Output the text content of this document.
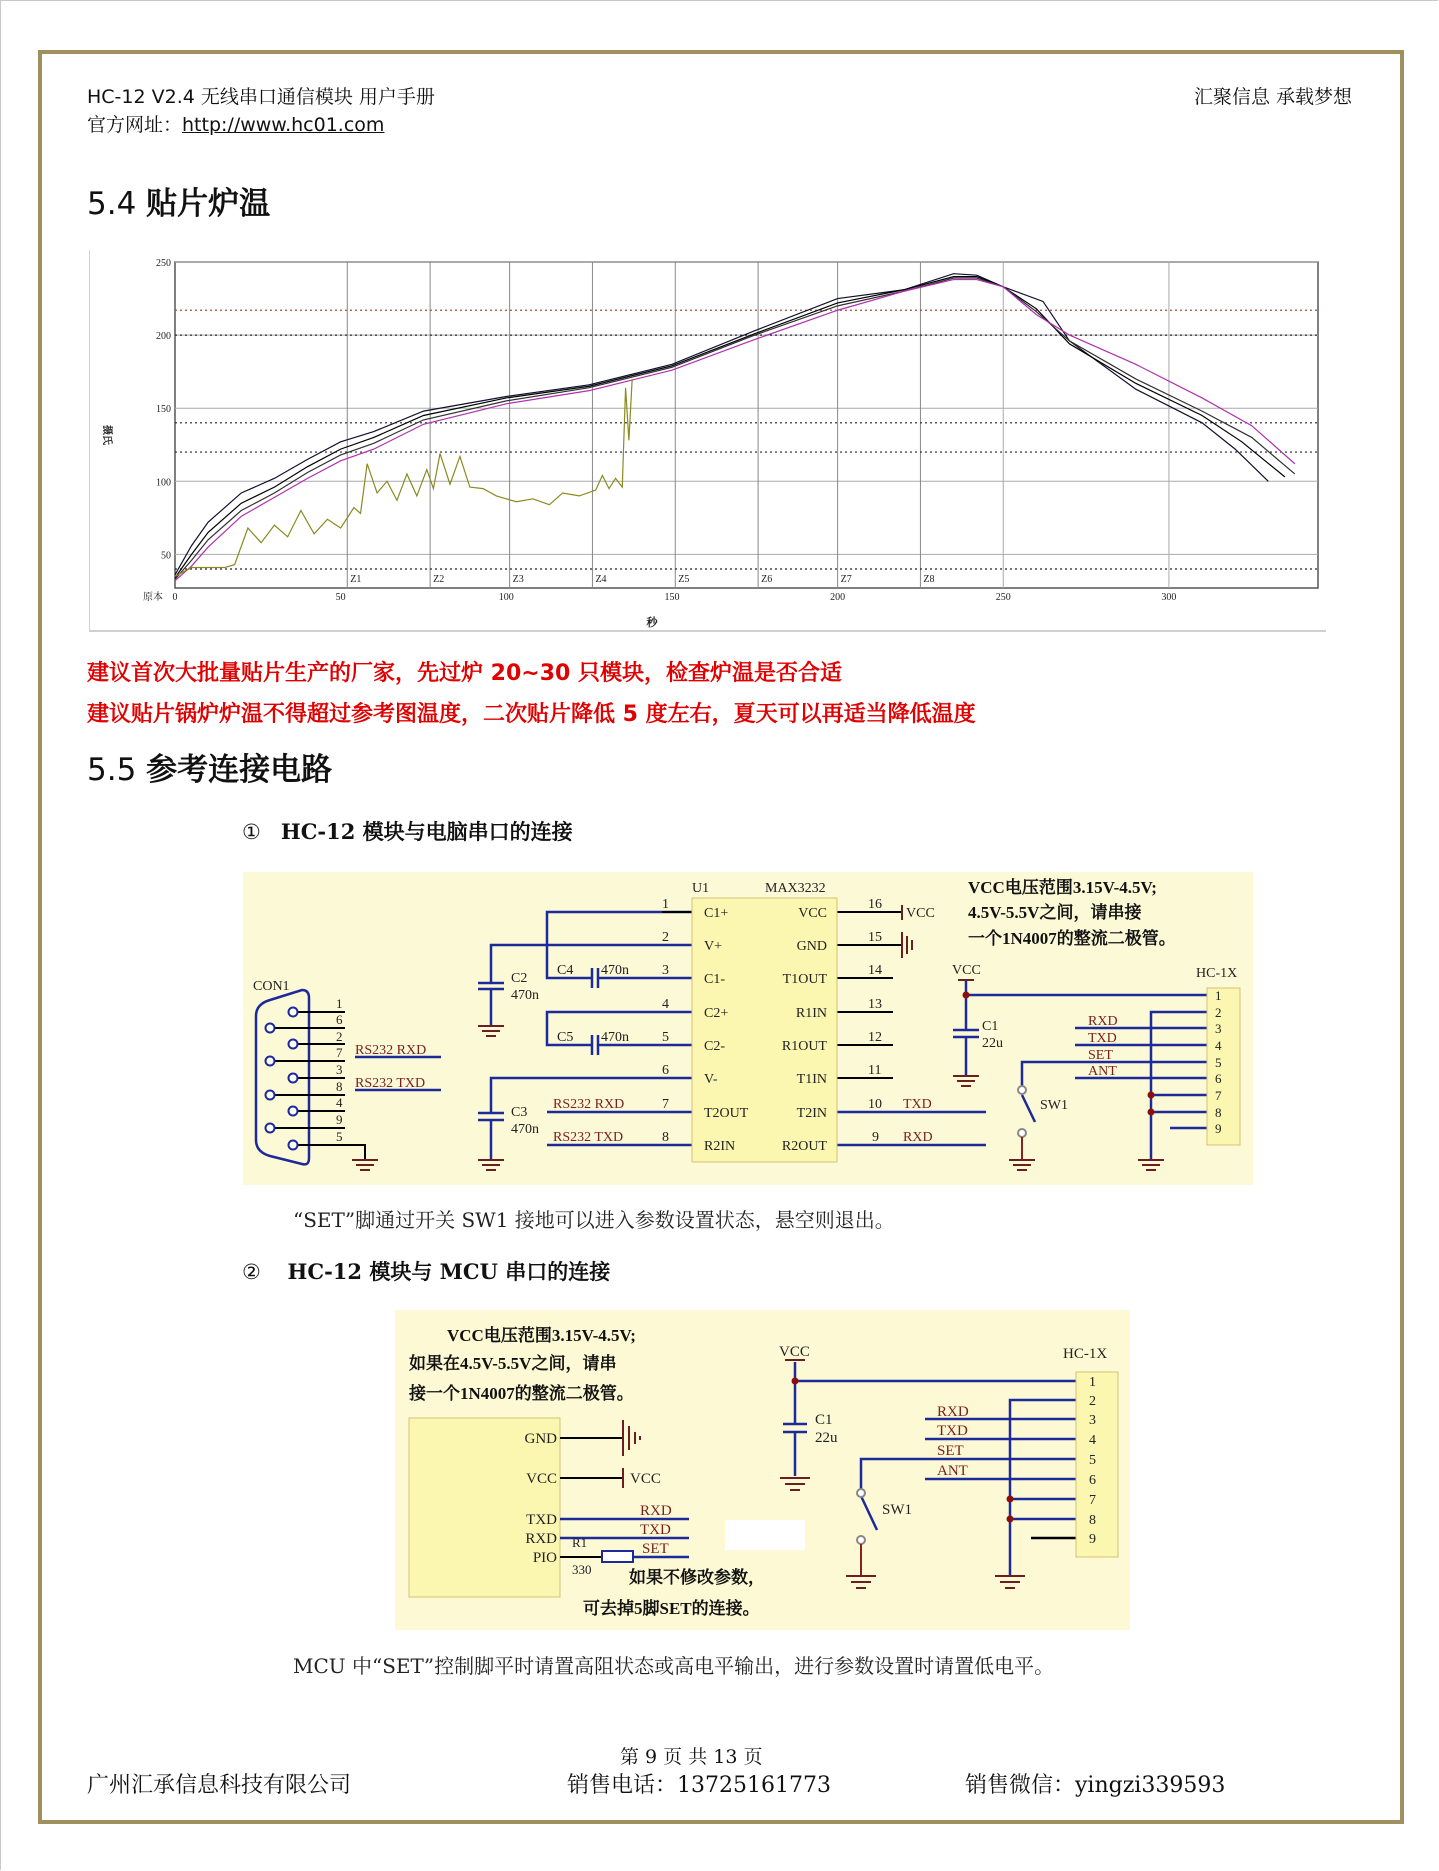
HC-12 V2.4 无线串口通信模块 用户手册
官方网址：http://www.hc01.com
汇聚信息 承载梦想
5.4 贴片炉温
50
100
150
200
250
Z1	Z2	Z3	Z4	Z5	Z6	Z7	Z8
0	50	100	150	200	250	300
原本
秒
摄氏
建议首次大批量贴片生产的厂家，先过炉 20~30 只模块，检查炉温是否合适
建议贴片锅炉炉温不得超过参考图温度，二次贴片降低 5 度左右，夏天可以再适当降低温度
5.5 参考连接电路
① HC-12 模块与电脑串口的连接
U1	MAX3232
C1+
V+
C1-
C2+
C2-
V-
T2OUT
R2IN
VCC
GND
T1OUT
R1IN
R1OUT
T1IN
T2IN
R2OUT
1
2
3
4
5
6
7
8
16
15
14
13
12
11
10
9
VCC
C2
470n
C3
470n
C4 470n
C5 470n
VCC
C1
22u
CON1
HC-1X
SW1
RS232 RXD
RS232 TXD
RS232 RXD
RS232 TXD
TXD
RXD
RXD
TXD
SET
ANT
1
6
2
7
3
8
4
9
5
1
2
3
4
5
6
7
8
9
VCC电压范围3.15V-4.5V;
4.5V-5.5V之间，请串接
一个1N4007的整流二极管。
“SET”脚通过开关 SW1 接地可以进入参数设置状态，悬空则退出。
② HC-12 模块与 MCU 串口的连接
GND
VCC
TXD
RXD
PIO
VCC
R1
330
VCC
C1
22u
HC-1X
SW1
RXD
TXD
SET
RXD
TXD
SET
ANT
1
2
3
4
5
6
7
8
9
VCC电压范围3.15V-4.5V;
如果在4.5V-5.5V之间，请串
接一个1N4007的整流二极管。
如果不修改参数，
可去掉5脚SET的连接。
MCU 中“SET”控制脚平时请置高阻状态或高电平输出，进行参数设置时请置低电平。
第 9 页 共 13 页
广州汇承信息科技有限公司	销售电话：13725161773	销售微信：yingzi339593
